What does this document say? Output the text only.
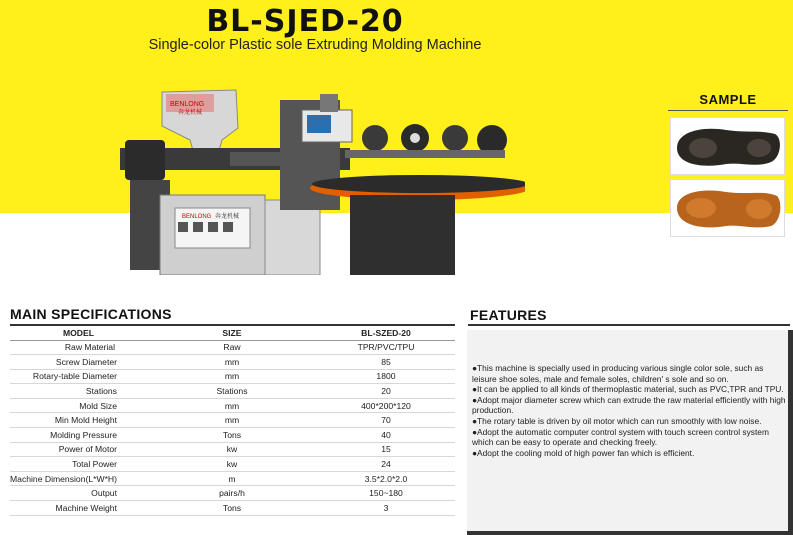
BL-SJED-20
Single-color Plastic sole Extruding Molding Machine
BENLONG
奔龙机械
BENLONG 奔龙机械
SAMPLE
MAIN SPECIFICATIONS
MODEL	SIZE	BL-SZED-20
Raw Material	Raw	TPR/PVC/TPU
Screw Diameter	mm	85
Rotary-table Diameter	mm	1800
Stations	Stations	20
Mold Size	mm	400*200*120
Min Mold Height	mm	70
Molding Pressure	Tons	40
Power of Motor	kw	15
Total Power	kw	24
Machine Dimension(L*W*H)	m	3.5*2.0*2.0
Output	pairs/h	150~180
Machine Weight	Tons	3
FEATURES

●This machine is specially used in producing various single color sole, such as leisure shoe soles, male and female soles, children' s sole and so on.

●It can be applied to all kinds of thermoplastic material, such as PVC,TPR and TPU.

●Adopt major diameter screw which can extrude the raw material efficiently with high production.

●The rotary table is driven by oil motor which can run smoothly with low noise.

●Adopt the automatic computer control system with touch screen control system which can be easy to operate and checking freely.

●Adopt the cooling mold of high power fan which is efficient.
